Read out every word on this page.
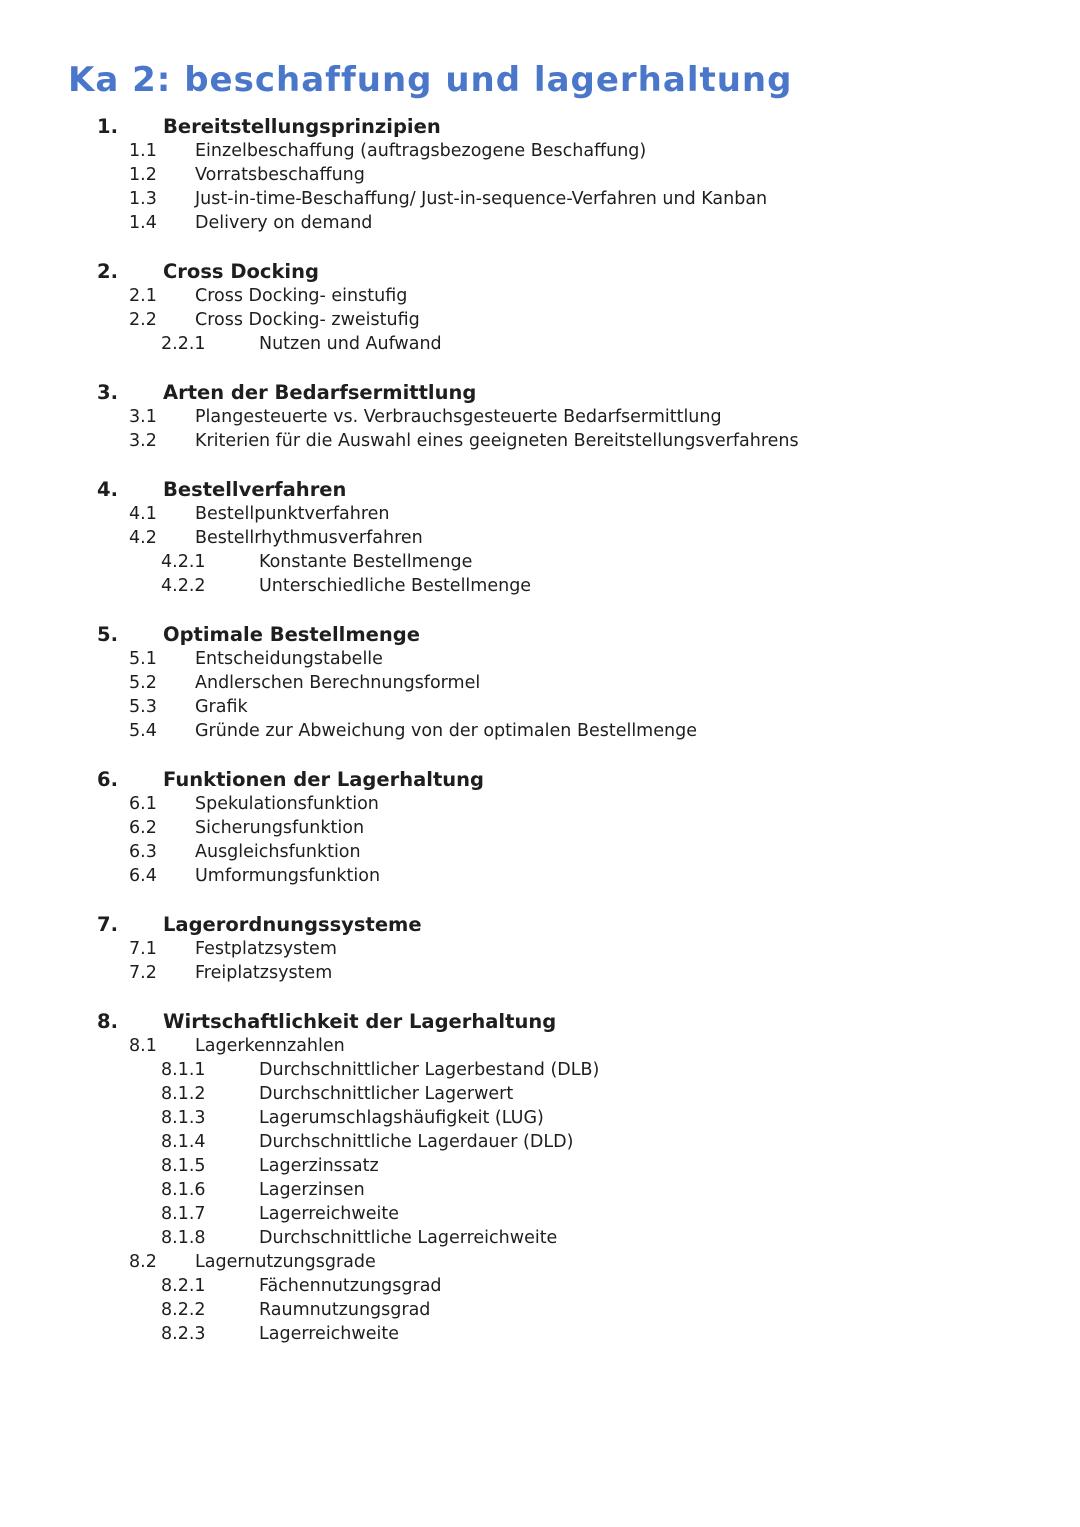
Ka 2: beschaffung und lagerhaltung
1. Bereitstellungsprinzipien
1.1 Einzelbeschaffung (auftragsbezogene Beschaffung)
1.2 Vorratsbeschaffung
1.3 Just-in-time-Beschaffung/ Just-in-sequence-Verfahren und Kanban
1.4 Delivery on demand
2. Cross Docking
2.1 Cross Docking- einstufig
2.2 Cross Docking- zweistufig
2.2.1	Nutzen und Aufwand
3. Arten der Bedarfsermittlung
3.1 Plangesteuerte vs. Verbrauchsgesteuerte Bedarfsermittlung
3.2 Kriterien für die Auswahl eines geeigneten Bereitstellungsverfahrens
4. Bestellverfahren
4.1 Bestellpunktverfahren
4.2 Bestellrhythmusverfahren
4.2.1	Konstante Bestellmenge
4.2.2	Unterschiedliche Bestellmenge
5. Optimale Bestellmenge
5.1 Entscheidungstabelle
5.2 Andlerschen Berechnungsformel
5.3 Grafik
5.4 Gründe zur Abweichung von der optimalen Bestellmenge
6. Funktionen der Lagerhaltung
6.1 Spekulationsfunktion
6.2 Sicherungsfunktion
6.3 Ausgleichsfunktion
6.4 Umformungsfunktion
7. Lagerordnungssysteme
7.1 Festplatzsystem
7.2 Freiplatzsystem
8. Wirtschaftlichkeit der Lagerhaltung
8.1 Lagerkennzahlen
8.1.1	Durchschnittlicher Lagerbestand (DLB)
8.1.2	Durchschnittlicher Lagerwert
8.1.3	Lagerumschlagshäufigkeit (LUG)
8.1.4	Durchschnittliche Lagerdauer (DLD)
8.1.5	Lagerzinssatz
8.1.6	Lagerzinsen
8.1.7	Lagerreichweite
8.1.8	Durchschnittliche Lagerreichweite
8.2 Lagernutzungsgrade
8.2.1	Fächennutzungsgrad
8.2.2	Raumnutzungsgrad
8.2.3	Lagerreichweite
